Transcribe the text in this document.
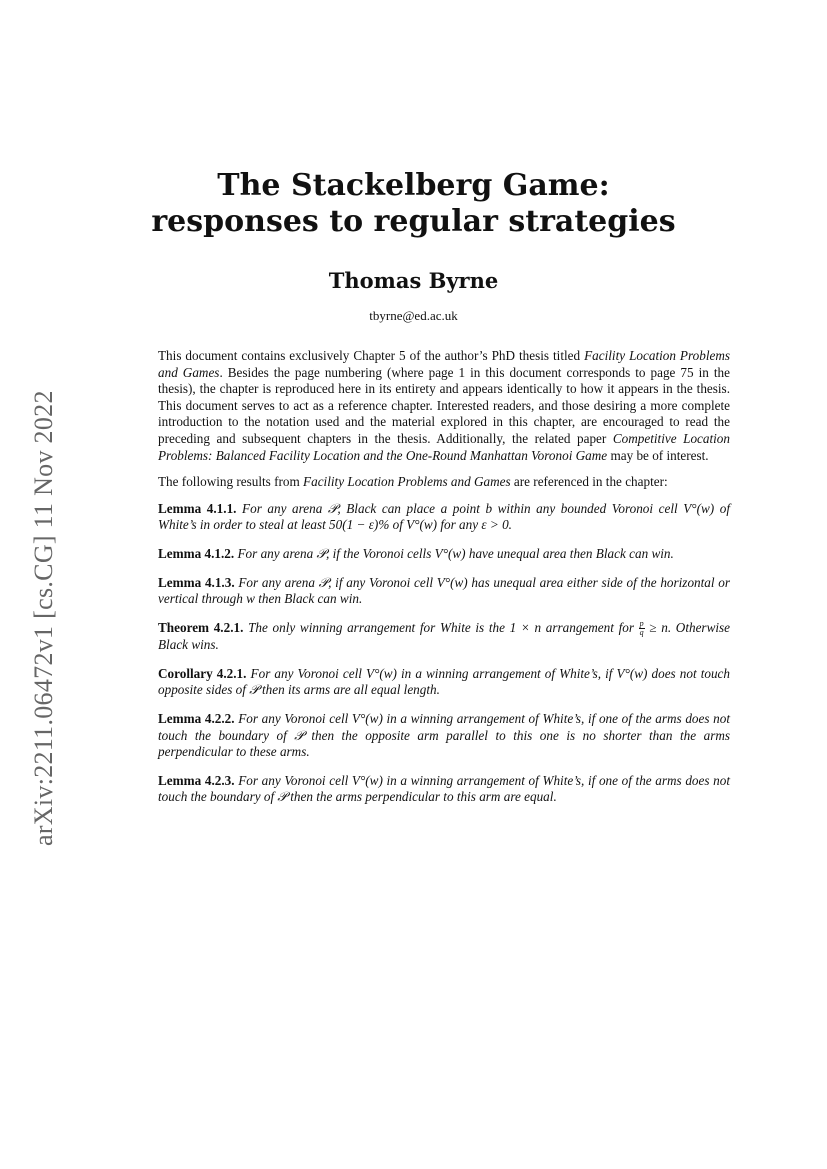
arXiv:2211.06472v1 [cs.CG] 11 Nov 2022
The Stackelberg Game:
responses to regular strategies
Thomas Byrne
tbyrne@ed.ac.uk

This document contains exclusively Chapter 5 of the author’s PhD thesis titled Facility Location Problems and Games. Besides the page numbering (where page 1 in this document corresponds to page 75 in the thesis), the chapter is reproduced here in its entirety and appears identically to how it appears in the thesis. This document serves to act as a reference chapter. Interested readers, and those desiring a more complete introduction to the notation used and the material explored in this chapter, are encouraged to read the preceding and subsequent chapters in the thesis. Additionally, the related paper Competitive Location Problems: Balanced Facility Location and the One-Round Manhattan Voronoi Game may be of interest.

The following results from Facility Location Problems and Games are referenced in the chapter:

Lemma 4.1.1. For any arena 𝒫, Black can place a point b within any bounded Voronoi cell V°(w) of White’s in order to steal at least 50(1 − ε)% of V°(w) for any ε > 0.
Lemma 4.1.2. For any arena 𝒫, if the Voronoi cells V°(w) have unequal area then Black can win.
Lemma 4.1.3. For any arena 𝒫, if any Voronoi cell V°(w) has unequal area either side of the horizontal or vertical through w then Black can win.
Theorem 4.2.1. The only winning arrangement for White is the 1 × n arrangement for $\frac{p}{q} \ge n$. Otherwise Black wins.
Corollary 4.2.1. For any Voronoi cell V°(w) in a winning arrangement of White’s, if V°(w) does not touch opposite sides of 𝒫 then its arms are all equal length.
Lemma 4.2.2. For any Voronoi cell V°(w) in a winning arrangement of White’s, if one of the arms does not touch the boundary of 𝒫 then the opposite arm parallel to this one is no shorter than the arms perpendicular to these arms.
Lemma 4.2.3. For any Voronoi cell V°(w) in a winning arrangement of White’s, if one of the arms does not touch the boundary of 𝒫 then the arms perpendicular to this arm are equal.
